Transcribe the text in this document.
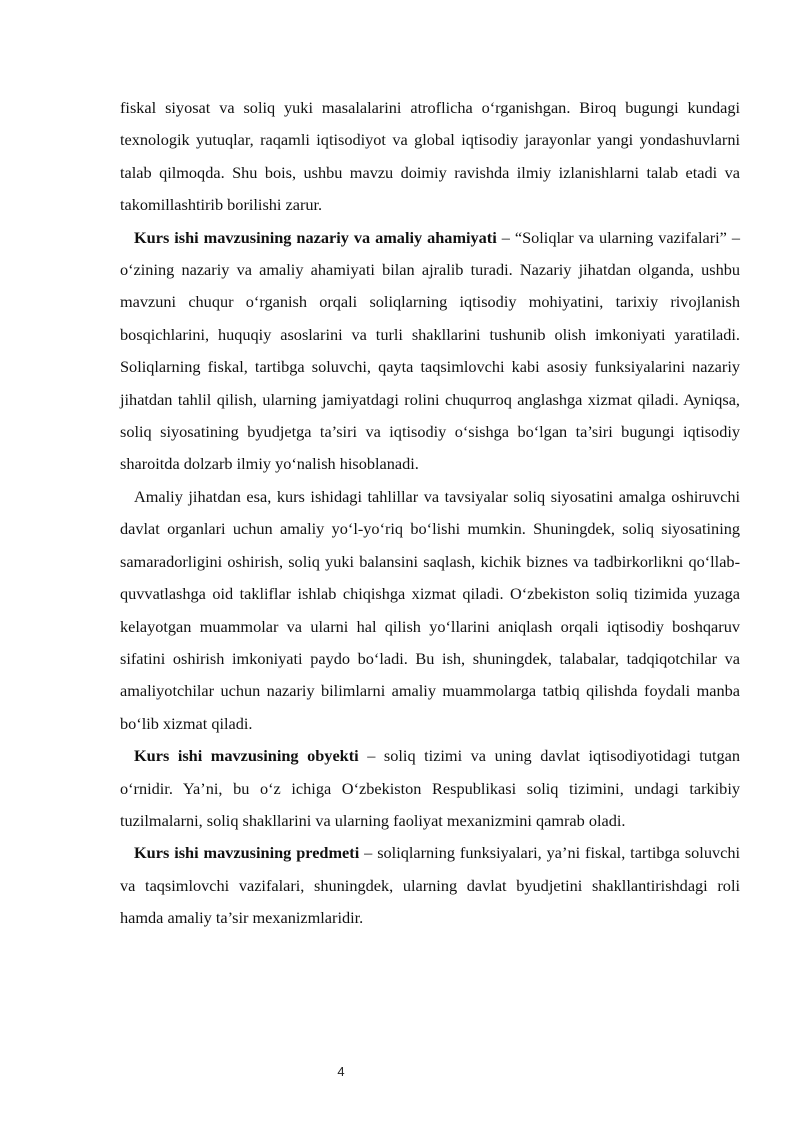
fiskal siyosat va soliq yuki masalalarini atroflicha o‘rganishgan. Biroq bugungi kundagi texnologik yutuqlar, raqamli iqtisodiyot va global iqtisodiy jarayonlar yangi yondashuvlarni talab qilmoqda. Shu bois, ushbu mavzu doimiy ravishda ilmiy izlanishlarni talab etadi va takomillashtirib borilishi zarur.

Kurs ishi mavzusining nazariy va amaliy ahamiyati – “Soliqlar va ularning vazifalari” – o‘zining nazariy va amaliy ahamiyati bilan ajralib turadi. Nazariy jihatdan olganda, ushbu mavzuni chuqur o‘rganish orqali soliqlarning iqtisodiy mohiyatini, tarixiy rivojlanish bosqichlarini, huquqiy asoslarini va turli shakllarini tushunib olish imkoniyati yaratiladi. Soliqlarning fiskal, tartibga soluvchi, qayta taqsimlovchi kabi asosiy funksiyalarini nazariy jihatdan tahlil qilish, ularning jamiyatdagi rolini chuqurroq anglashga xizmat qiladi. Ayniqsa, soliq siyosatining byudjetga ta’siri va iqtisodiy o‘sishga bo‘lgan ta’siri bugungi iqtisodiy sharoitda dolzarb ilmiy yo‘nalish hisoblanadi.

Amaliy jihatdan esa, kurs ishidagi tahlillar va tavsiyalar soliq siyosatini amalga oshiruvchi davlat organlari uchun amaliy yo‘l-yo‘riq bo‘lishi mumkin. Shuningdek, soliq siyosatining samaradorligini oshirish, soliq yuki balansini saqlash, kichik biznes va tadbirkorlikni qo‘llab-quvvatlashga oid takliflar ishlab chiqishga xizmat qiladi. O‘zbekiston soliq tizimida yuzaga kelayotgan muammolar va ularni hal qilish yo‘llarini aniqlash orqali iqtisodiy boshqaruv sifatini oshirish imkoniyati paydo bo‘ladi. Bu ish, shuningdek, talabalar, tadqiqotchilar va amaliyotchilar uchun nazariy bilimlarni amaliy muammolarga tatbiq qilishda foydali manba bo‘lib xizmat qiladi.

Kurs ishi mavzusining obyekti – soliq tizimi va uning davlat iqtisodiyotidagi tutgan o‘rnidir. Ya’ni, bu o‘z ichiga O‘zbekiston Respublikasi soliq tizimini, undagi tarkibiy tuzilmalarni, soliq shakllarini va ularning faoliyat mexanizmini qamrab oladi.

Kurs ishi mavzusining predmeti – soliqlarning funksiyalari, ya’ni fiskal, tartibga soluvchi va taqsimlovchi vazifalari, shuningdek, ularning davlat byudjetini shakllantirishdagi roli hamda amaliy ta’sir mexanizmlaridir.

4
